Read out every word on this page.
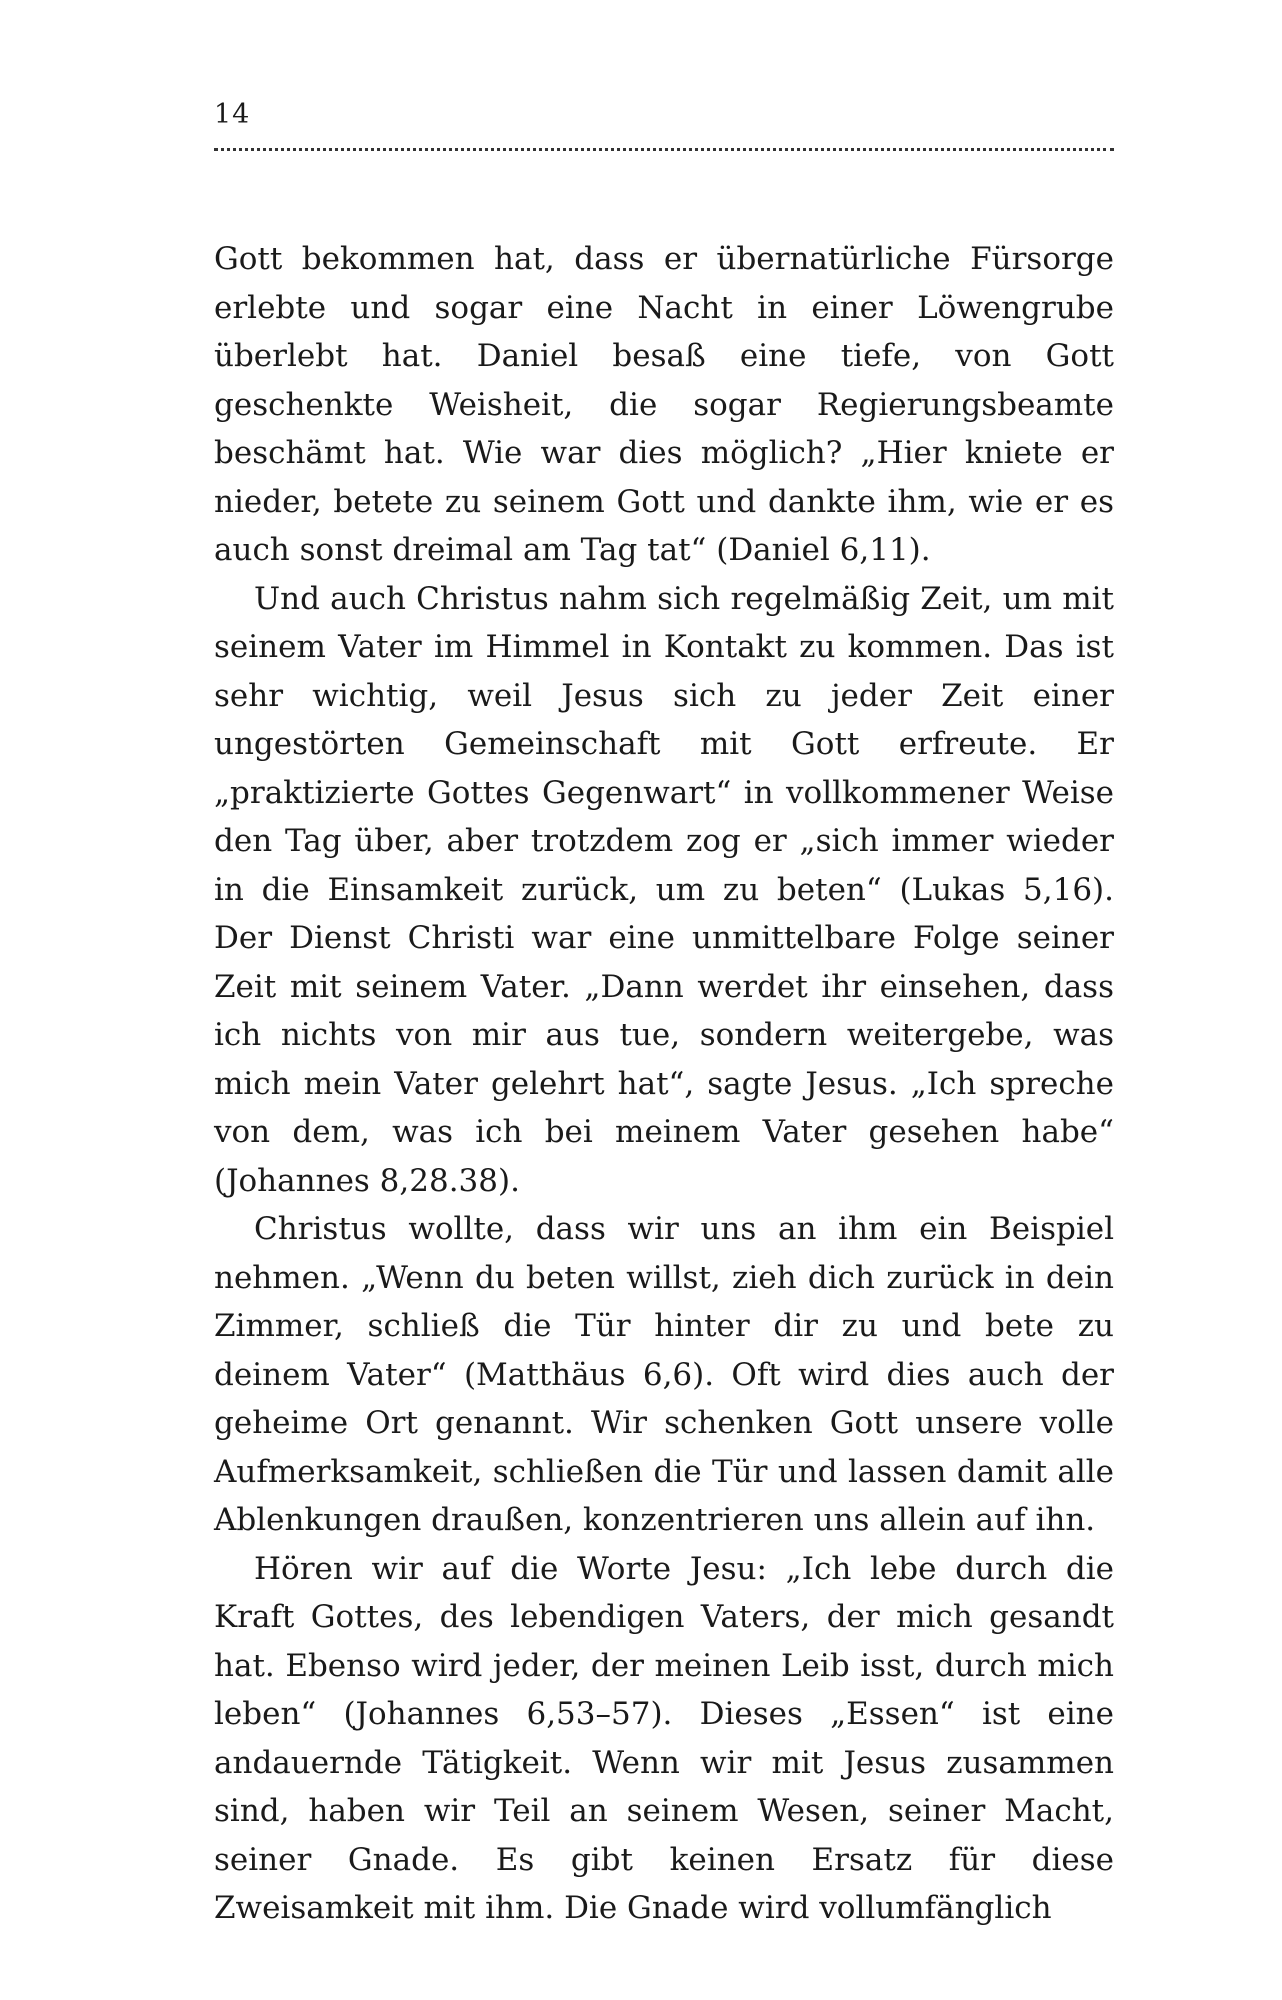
14

Gott bekommen hat, dass er übernatürliche Fürsorge erlebte und sogar eine Nacht in einer Löwengrube überlebt hat. Daniel besaß eine tiefe, von Gott geschenkte Weisheit, die sogar Regierungsbeamte beschämt hat. Wie war dies möglich? „Hier kniete er nieder, betete zu seinem Gott und dankte ihm, wie er es auch sonst dreimal am Tag tat“ (Daniel 6,11).

Und auch Christus nahm sich regelmäßig Zeit, um mit seinem Vater im Himmel in Kontakt zu kommen. Das ist sehr wichtig, weil Jesus sich zu jeder Zeit einer ungestörten Gemeinschaft mit Gott erfreute. Er „praktizierte Gottes Gegenwart“ in vollkommener Weise den Tag über, aber trotzdem zog er „sich immer wieder in die Einsamkeit zurück, um zu beten“ (Lukas 5,16). Der Dienst Christi war eine unmittelbare Folge seiner Zeit mit seinem Vater. „Dann werdet ihr einsehen, dass ich nichts von mir aus tue, sondern weitergebe, was mich mein Vater gelehrt hat“, sagte Jesus. „Ich spreche von dem, was ich bei meinem Vater gesehen habe“ (Johannes 8,28.38).

Christus wollte, dass wir uns an ihm ein Beispiel nehmen. „Wenn du beten willst, zieh dich zurück in dein Zimmer, schließ die Tür hinter dir zu und bete zu deinem Vater“ (Matthäus 6,6). Oft wird dies auch der geheime Ort genannt. Wir schenken Gott unsere volle Aufmerksamkeit, schließen die Tür und lassen damit alle Ablenkungen draußen, konzentrieren uns allein auf ihn.

Hören wir auf die Worte Jesu: „Ich lebe durch die Kraft Gottes, des lebendigen Vaters, der mich gesandt hat. Ebenso wird jeder, der meinen Leib isst, durch mich leben“ (Johannes 6,53–57). Dieses „Essen“ ist eine andauernde Tätigkeit. Wenn wir mit Jesus zusammen sind, haben wir Teil an seinem Wesen, seiner Macht, seiner Gnade. Es gibt keinen Ersatz für diese Zweisamkeit mit ihm. Die Gnade wird vollumfänglich
